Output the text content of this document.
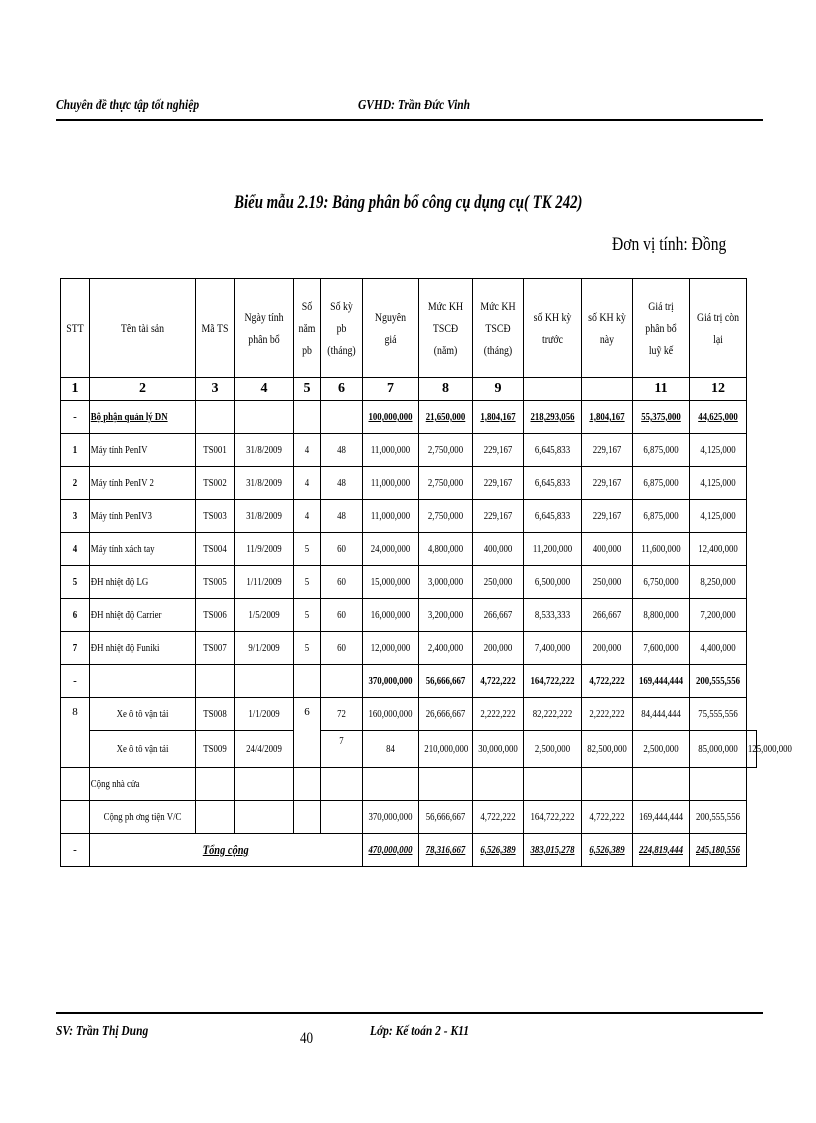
Chuyên đề thực tập tốt nghiệp	GVHD: Trần Đức Vinh
Biểu mẫu 2.19: Bảng phân bổ công cụ dụng cụ( TK 242)
Đơn vị tính: Đồng
STT	Tên tài sản	Mã TS	Ngày tính phân bổ	Số năm pb	Số kỳ pb (tháng)	Nguyên giá	Mức KH TSCĐ (năm)	Mức KH TSCĐ (tháng)	số KH kỳ trước	số KH kỳ này	Giá trị phân bổ luỹ kế	Giá trị còn lại	

1	2	3	4	5	6	7	8	9			11	12	
-	Bộ phận quản lý DN					100,000,000	21,650,000	1,804,167	218,293,056	1,804,167	55,375,000	44,625,000	

1	Máy tính PenIV	TS001	31/8/2009	4	48	11,000,000	2,750,000	229,167	6,645,833	229,167	6,875,000	4,125,000	

2	Máy tính PenIV 2	TS002	31/8/2009	4	48	11,000,000	2,750,000	229,167	6,645,833	229,167	6,875,000	4,125,000	

3	Máy tính PenIV3	TS003	31/8/2009	4	48	11,000,000	2,750,000	229,167	6,645,833	229,167	6,875,000	4,125,000	

4	Máy tính xách tay	TS004	11/9/2009	5	60	24,000,000	4,800,000	400,000	11,200,000	400,000	11,600,000	12,400,000	

5	ĐH nhiệt độ LG	TS005	1/11/2009	5	60	15,000,000	3,000,000	250,000	6,500,000	250,000	6,750,000	8,250,000	

6	ĐH nhiệt độ Carrier	TS006	1/5/2009	5	60	16,000,000	3,200,000	266,667	8,533,333	266,667	8,800,000	7,200,000	

7	ĐH nhiệt độ Funiki	TS007	9/1/2009	5	60	12,000,000	2,400,000	200,000	7,400,000	200,000	7,600,000	4,400,000	

-						370,000,000	56,666,667	4,722,222	164,722,222	4,722,222	169,444,444	200,555,556	

8	Xe ô tô vận tải	TS008	1/1/2009	6	72	160,000,000	26,666,667	2,222,222	82,222,222	2,222,222	84,444,444	75,555,556	

	Xe ô tô vận tải	TS009	24/4/2009		7	84	210,000,000	30,000,000	2,500,000	82,500,000	2,500,000	85,000,000	125,000,000

	Cộng nhà cửa												

	Cộng ph ơng tiện V/C					370,000,000	56,666,667	4,722,222	164,722,222	4,722,222	169,444,444	200,555,556	

-	Tổng cộng					470,000,000	78,316,667	6,526,389	383,015,278	6,526,389	224,819,444	245,180,556	
SV: Trần Thị Dung	40	Lớp: Kế toán 2 - K11
